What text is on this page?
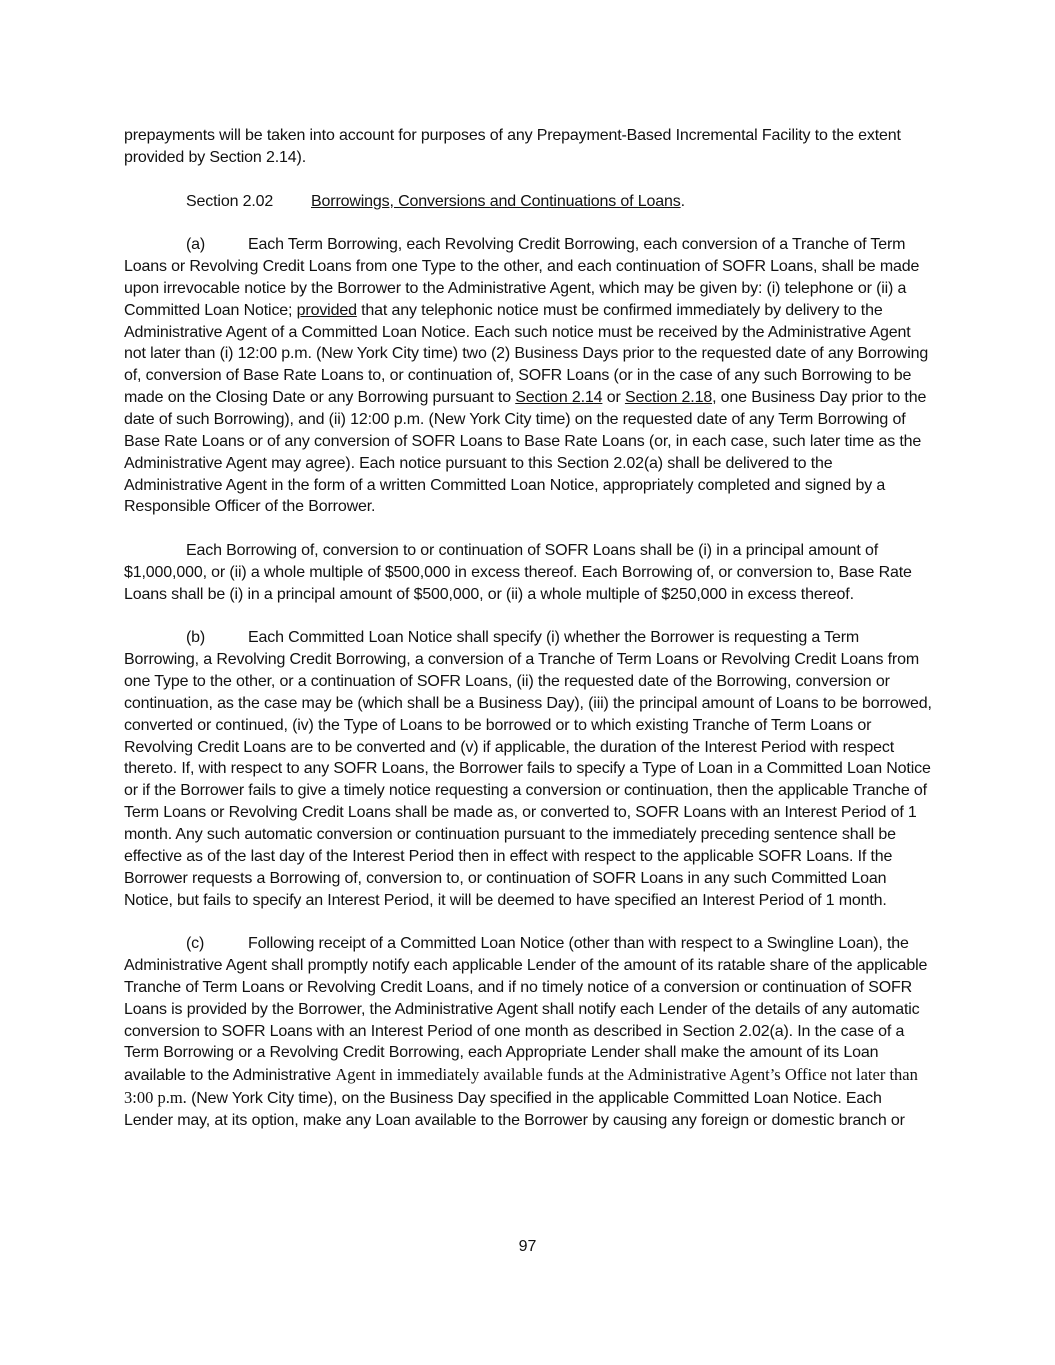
prepayments will be taken into account for purposes of any Prepayment-Based Incremental Facility to the extent provided by Section 2.14).

Section 2.02 Borrowings, Conversions and Continuations of Loans.

(a)	Each Term Borrowing, each Revolving Credit Borrowing, each conversion of a Tranche of Term Loans or Revolving Credit Loans from one Type to the other, and each continuation of SOFR Loans, shall be made upon irrevocable notice by the Borrower to the Administrative Agent, which may be given by: (i) telephone or (ii) a Committed Loan Notice; provided that any telephonic notice must be confirmed immediately by delivery to the Administrative Agent of a Committed Loan Notice. Each such notice must be received by the Administrative Agent not later than (i) 12:00 p.m. (New York City time) two (2) Business Days prior to the requested date of any Borrowing of, conversion of Base Rate Loans to, or continuation of, SOFR Loans (or in the case of any such Borrowing to be made on the Closing Date or any Borrowing pursuant to Section 2.14 or Section 2.18, one Business Day prior to the date of such Borrowing), and (ii) 12:00 p.m. (New York City time) on the requested date of any Term Borrowing of Base Rate Loans or of any conversion of SOFR Loans to Base Rate Loans (or, in each case, such later time as the Administrative Agent may agree). Each notice pursuant to this Section 2.02(a) shall be delivered to the Administrative Agent in the form of a written Committed Loan Notice, appropriately completed and signed by a Responsible Officer of the Borrower.

Each Borrowing of, conversion to or continuation of SOFR Loans shall be (i) in a principal amount of $1,000,000, or (ii) a whole multiple of $500,000 in excess thereof. Each Borrowing of, or conversion to, Base Rate Loans shall be (i) in a principal amount of $500,000, or (ii) a whole multiple of $250,000 in excess thereof.

(b)	Each Committed Loan Notice shall specify (i) whether the Borrower is requesting a Term Borrowing, a Revolving Credit Borrowing, a conversion of a Tranche of Term Loans or Revolving Credit Loans from one Type to the other, or a continuation of SOFR Loans, (ii) the requested date of the Borrowing, conversion or continuation, as the case may be (which shall be a Business Day), (iii) the principal amount of Loans to be borrowed, converted or continued, (iv) the Type of Loans to be borrowed or to which existing Tranche of Term Loans or Revolving Credit Loans are to be converted and (v) if applicable, the duration of the Interest Period with respect thereto. If, with respect to any SOFR Loans, the Borrower fails to specify a Type of Loan in a Committed Loan Notice or if the Borrower fails to give a timely notice requesting a conversion or continuation, then the applicable Tranche of Term Loans or Revolving Credit Loans shall be made as, or converted to, SOFR Loans with an Interest Period of 1 month. Any such automatic conversion or continuation pursuant to the immediately preceding sentence shall be effective as of the last day of the Interest Period then in effect with respect to the applicable SOFR Loans. If the Borrower requests a Borrowing of, conversion to, or continuation of SOFR Loans in any such Committed Loan Notice, but fails to specify an Interest Period, it will be deemed to have specified an Interest Period of 1 month.

(c)	Following receipt of a Committed Loan Notice (other than with respect to a Swingline Loan), the Administrative Agent shall promptly notify each applicable Lender of the amount of its ratable share of the applicable Tranche of Term Loans or Revolving Credit Loans, and if no timely notice of a conversion or continuation of SOFR Loans is provided by the Borrower, the Administrative Agent shall notify each Lender of the details of any automatic conversion to SOFR Loans with an Interest Period of one month as described in Section 2.02(a). In the case of a Term Borrowing or a Revolving Credit Borrowing, each Appropriate Lender shall make the amount of its Loan available to the Administrative Agent in immediately available funds at the Administrative Agent’s Office not later than 3:00 p.m. (New York City time), on the Business Day specified in the applicable Committed Loan Notice. Each Lender may, at its option, make any Loan available to the Borrower by causing any foreign or domestic branch or

97
